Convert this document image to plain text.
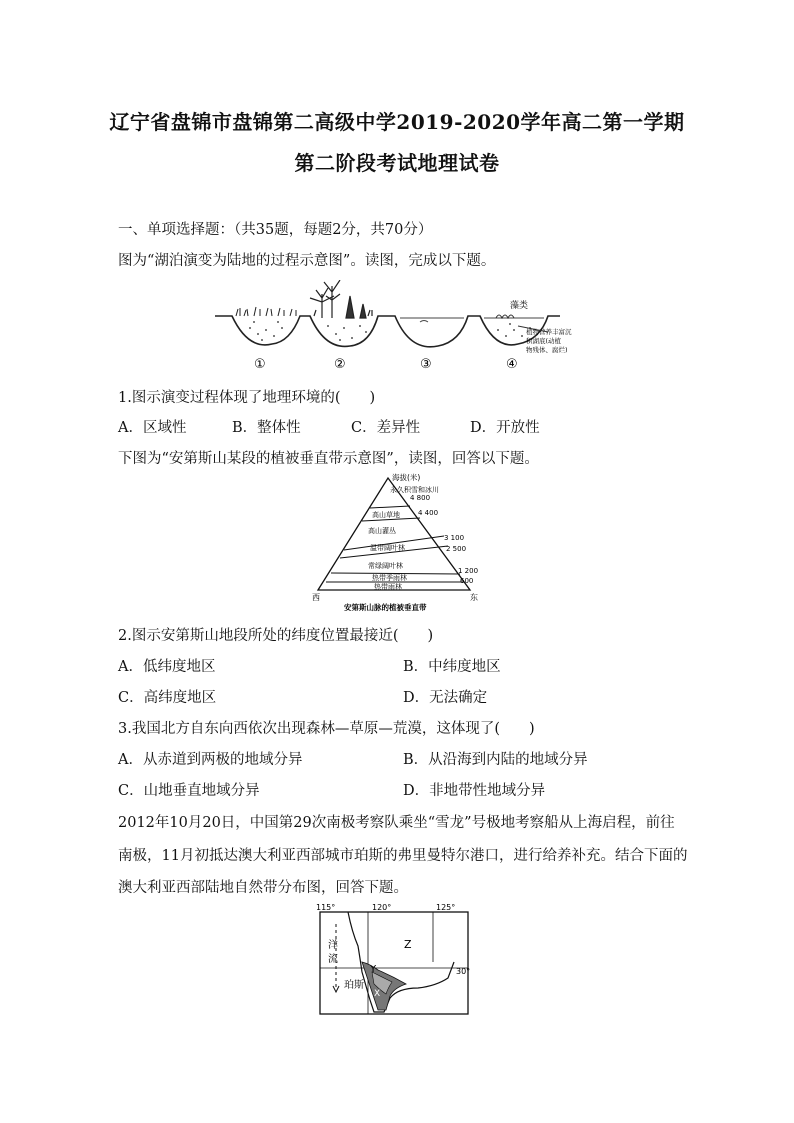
辽宁省盘锦市盘锦第二高级中学2019-2020学年高二第一学期
第二阶段考试地理试卷
一、单项选择题：（共35题，每题2分，共70分）
图为“湖泊演变为陆地的过程示意图”。读图，完成以下题。
①	②	③	④
藻类
植物营养丰富沉
积湖底(动植
物残体、腐烂)
1.图示演变过程体现了地理环境的(　　)
A．区域性	B．整体性	C．差异性	D．开放性
下图为“安第斯山某段的植被垂直带示意图”，读图，回答以下题。
海拔(米)
永久积雪和冰川
高山草地
高山灌丛
温带阔叶林
常绿阔叶林
热带季雨林
热带雨林
4 800
4 400
3 100
2 500
1 200
600
西	东
安第斯山脉的植被垂直带
2.图示安第斯山地段所处的纬度位置最接近(　　)
A．低纬度地区	B．中纬度地区
C．高纬度地区	D．无法确定
3.我国北方自东向西依次出现森林—草原—荒漠，这体现了(　　)
A．从赤道到两极的地域分异	B．从沿海到内陆的地域分异
C．山地垂直地域分异	D．非地带性地域分异
2012年10月20日，中国第29次南极考察队乘坐“雪龙”号极地考察船从上海启程，前往
南极，11月初抵达澳大利亚西部城市珀斯的弗里曼特尔港口，进行给养补充。结合下面的
澳大利亚西部陆地自然带分布图，回答下题。
115°	120°	125°
30°
洋
流
珀斯
Z
Y
X
